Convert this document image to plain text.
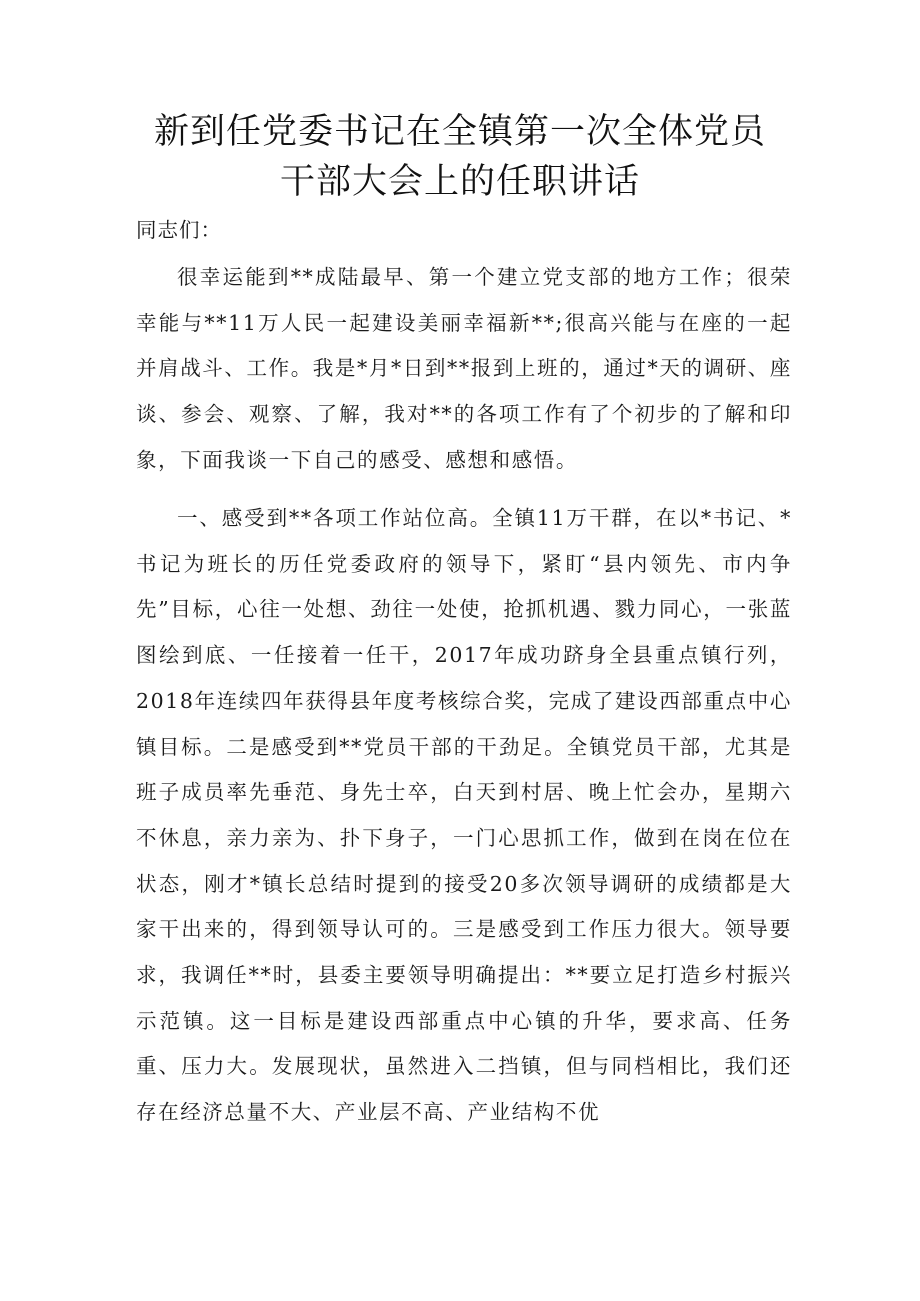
新到任党委书记在全镇第一次全体党员
干部大会上的任职讲话

同志们：

很幸运能到**成陆最早、第一个建立党支部的地方工作；很荣幸能与**11万人民一起建设美丽幸福新**;很高兴能与在座的一起并肩战斗、工作。我是*月*日到**报到上班的，通过*天的调研、座谈、参会、观察、了解，我对**的各项工作有了个初步的了解和印象，下面我谈一下自己的感受、感想和感悟。

一、感受到**各项工作站位高。全镇11万干群，在以*书记、*书记为班长的历任党委政府的领导下，紧盯“县内领先、市内争先”目标，心往一处想、劲往一处使，抢抓机遇、戮力同心，一张蓝图绘到底、一任接着一任干，2017年成功跻身全县重点镇行列，2018年连续四年获得县年度考核综合奖，完成了建设西部重点中心镇目标。二是感受到**党员干部的干劲足。全镇党员干部，尤其是班子成员率先垂范、身先士卒，白天到村居、晚上忙会办，星期六不休息，亲力亲为、扑下身子，一门心思抓工作，做到在岗在位在状态，刚才*镇长总结时提到的接受20多次领导调研的成绩都是大家干出来的，得到领导认可的。三是感受到工作压力很大。领导要求，我调任**时，县委主要领导明确提出：**要立足打造乡村振兴示范镇。这一目标是建设西部重点中心镇的升华，要求高、任务重、压力大。发展现状，虽然进入二挡镇，但与同档相比，我们还存在经济总量不大、产业层不高、产业结构不优
